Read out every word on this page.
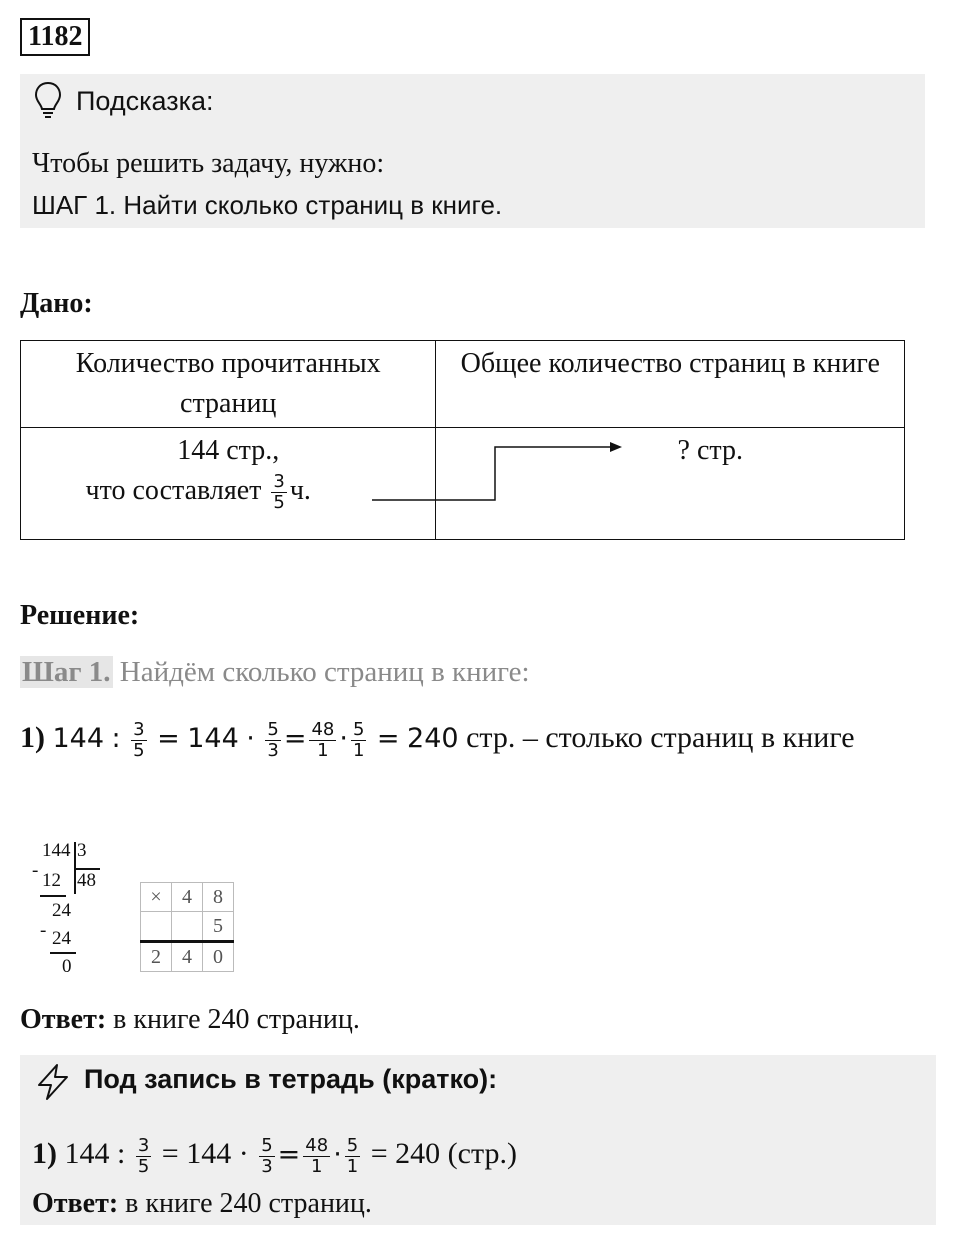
1182
Подсказка:
Чтобы решить задачу, нужно:
ШАГ 1. Найти сколько страниц в книге.
Дано:
Количество прочитанных страниц	Общее количество страниц в книге

144 стр.,
что составляет $\frac{3}{5} ч$.	? стр.
Решение:
Шаг 1. Найдём сколько страниц в книге:
1) 144 : $\frac{3}{5} = 144 \cdot \frac{5}{3} = \frac{48}{1} \cdot \frac{5}{1} = 240$ стр. – столько страниц в книге
144 3
48
- 12
24
- 24
0
×	4	8
		5
2	4	0
Ответ: в книге 240 страниц.
Под запись в тетрадь (кратко):
1) 144 : $\frac{3}{5} = 144 \cdot \frac{5}{3} = \frac{48}{1} \cdot \frac{5}{1} = 240$ (стр.)
Ответ: в книге 240 страниц.
